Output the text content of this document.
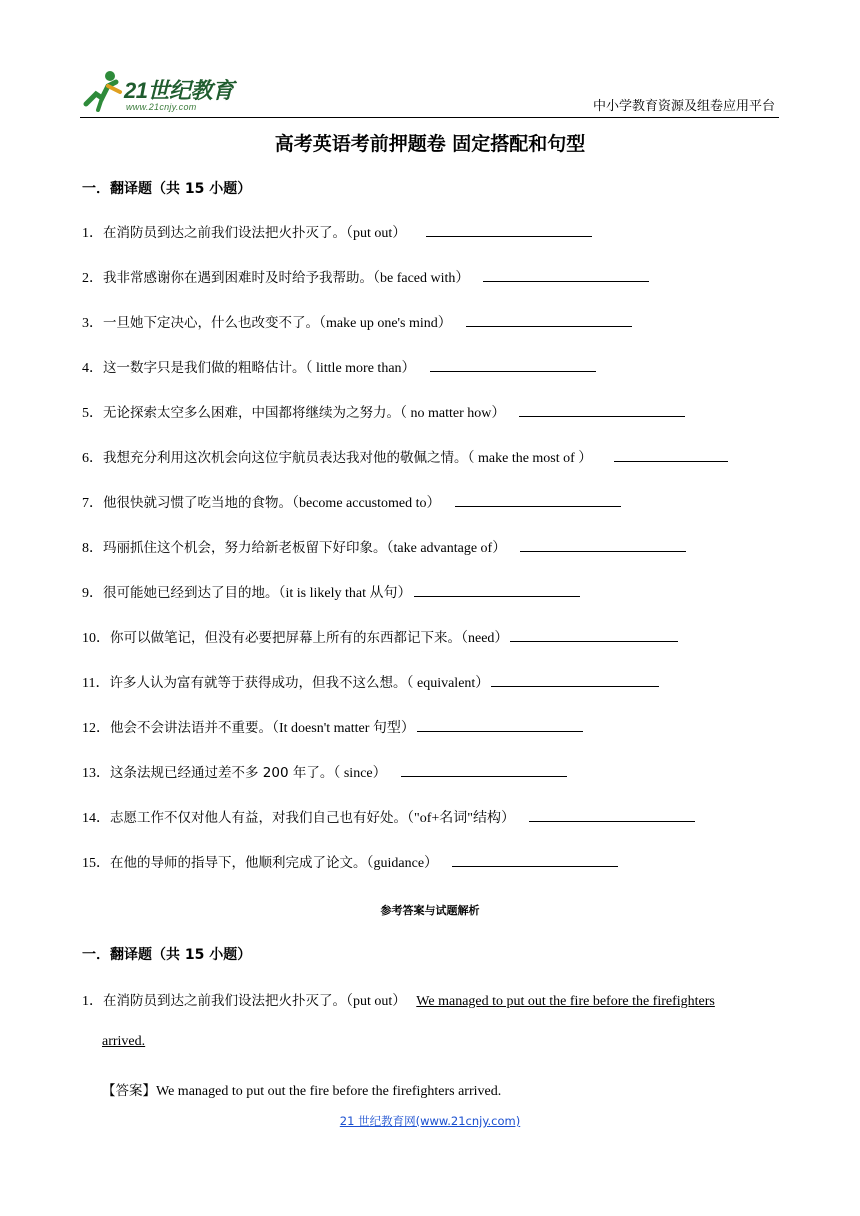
21世纪教育
www.21cnjy.com	中小学教育资源及组卷应用平台
高考英语考前押题卷 固定搭配和句型
一．翻译题（共 15 小题）
1．在消防员到达之前我们设法把火扑灭了。（put out）
2．我非常感谢你在遇到困难时及时给予我帮助。（be faced with）
3．一旦她下定决心，什么也改变不了。（make up one's mind）
4．这一数字只是我们做的粗略估计。（ little more than）
5．无论探索太空多么困难，中国都将继续为之努力。（ no matter how）
6．我想充分利用这次机会向这位宇航员表达我对他的敬佩之情。（ make the most of ）
7．他很快就习惯了吃当地的食物。（become accustomed to）
8．玛丽抓住这个机会，努力给新老板留下好印象。（take advantage of）
9．很可能她已经到达了目的地。（it is likely that 从句）
10．你可以做笔记，但没有必要把屏幕上所有的东西都记下来。（need）
11．许多人认为富有就等于获得成功，但我不这么想。（ equivalent）
12．他会不会讲法语并不重要。（It doesn't matter 句型）
13．这条法规已经通过差不多 200 年了。（ since）
14．志愿工作不仅对他人有益，对我们自己也有好处。（"of+名词"结构）
15．在他的导师的指导下，他顺利完成了论文。（guidance）
参考答案与试题解析
一．翻译题（共 15 小题）
1．在消防员到达之前我们设法把火扑灭了。（put out） We managed to put out the fire before the firefighters
arrived.
【答案】We managed to put out the fire before the firefighters arrived.
21 世纪教育网(www.21cnjy.com)
